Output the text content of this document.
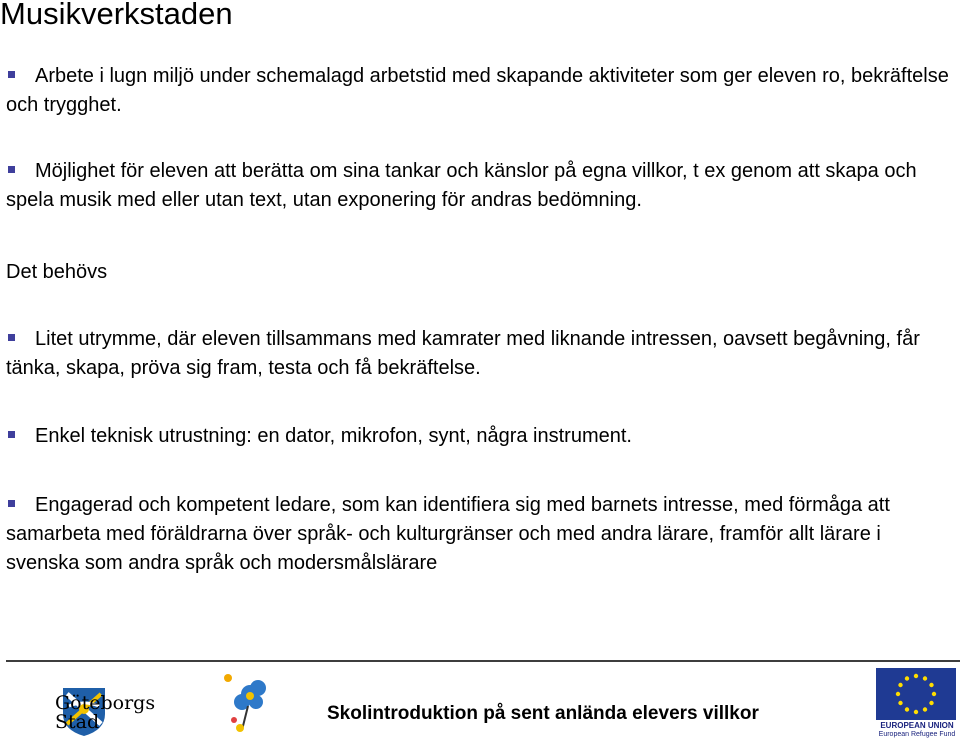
Musikverkstaden
Arbete i lugn miljö under schemalagd arbetstid med skapande aktiviteter som ger eleven ro, bekräftelse och trygghet.
Möjlighet för eleven att berätta om sina tankar och känslor på egna villkor, t ex genom att skapa och spela musik med eller utan text, utan exponering för andras bedömning.
Det behövs
Litet utrymme, där eleven tillsammans med kamrater med liknande intressen, oavsett begåvning, får tänka, skapa, pröva sig fram, testa och få bekräftelse.
Enkel teknisk utrustning: en dator, mikrofon, synt, några instrument.
Engagerad och kompetent ledare, som kan identifiera sig med barnets intresse, med förmåga att samarbeta med föräldrarna över språk- och kulturgränser och med andra lärare, framför allt lärare i svenska som andra språk och modersmålslärare
Göteborgs
Stad	Skolintroduktion på sent anlända elevers villkor
EUROPEAN UNION
European Refugee Fund
